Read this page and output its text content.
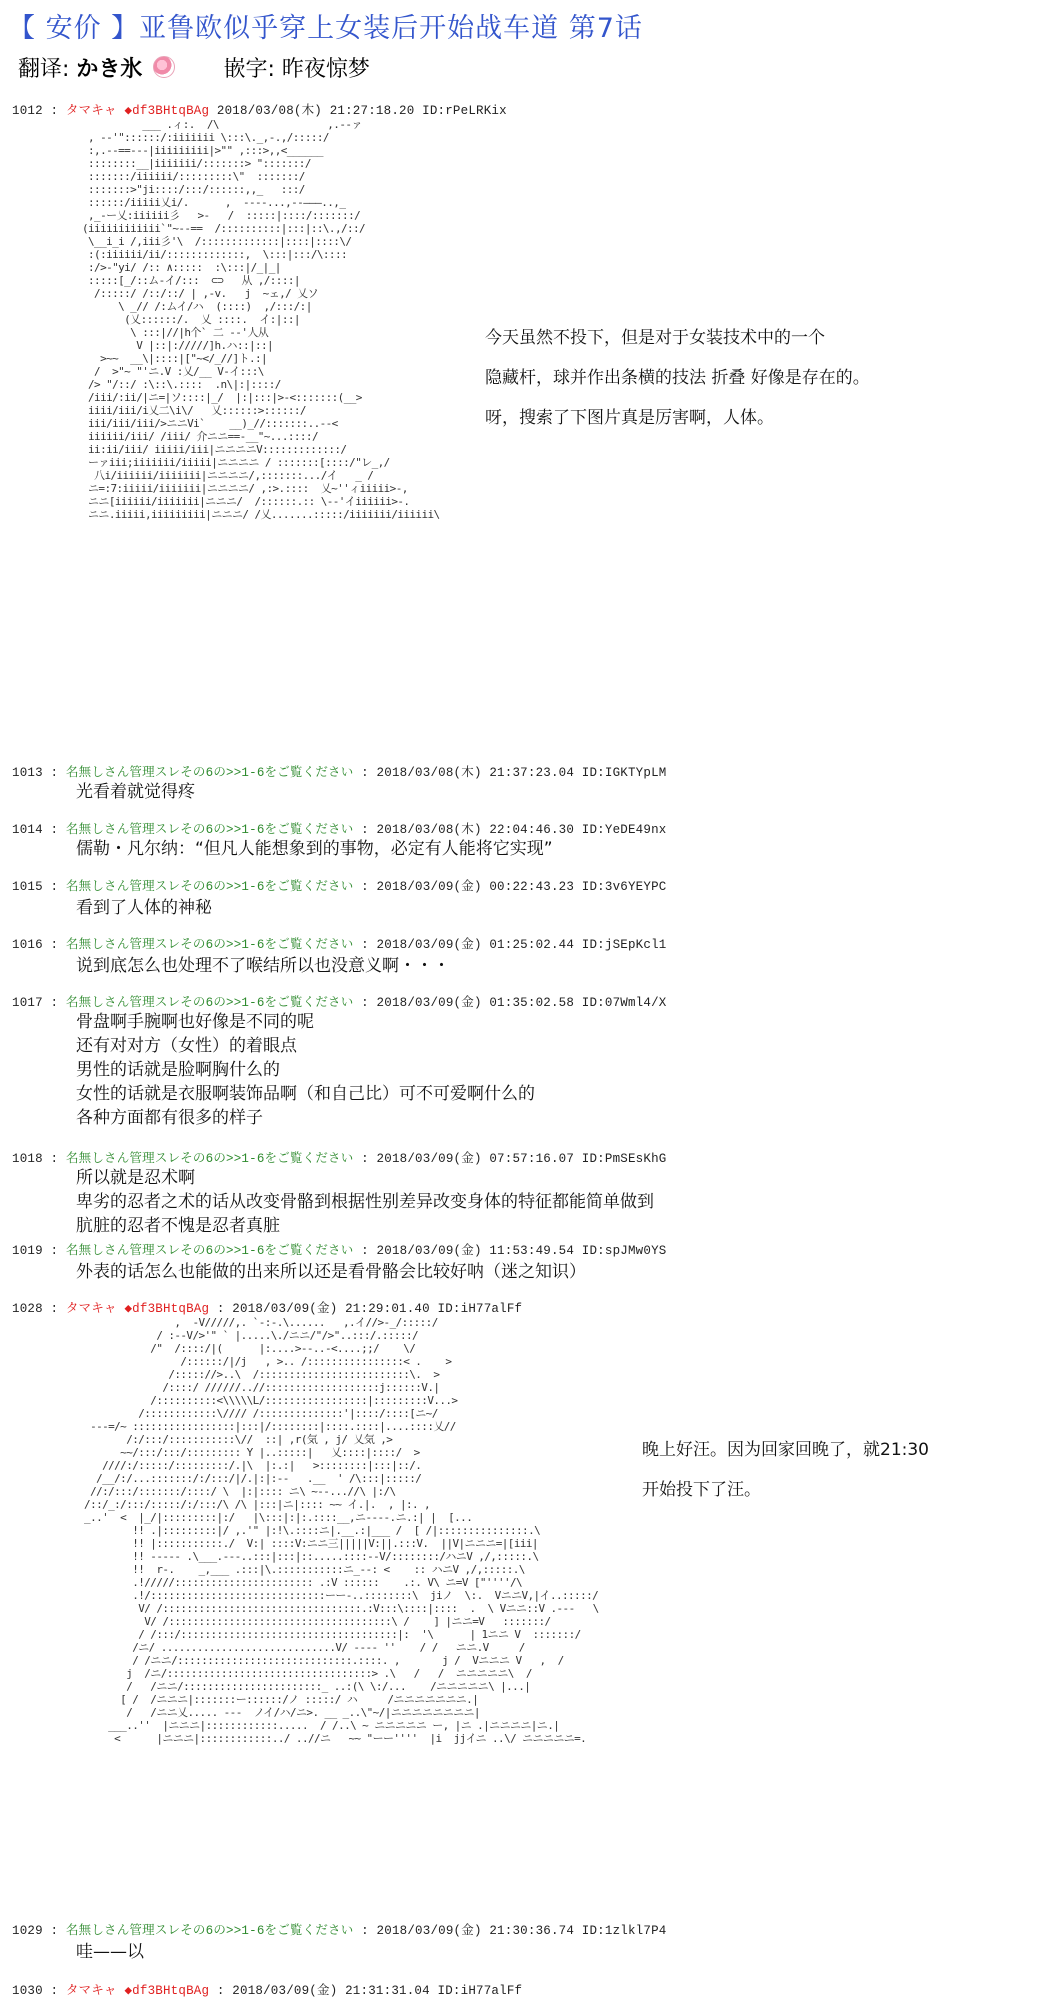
【 安价 】亚鲁欧似乎穿上女装后开始战车道 第7话
翻译: かき氷	嵌字: 昨夜惊梦
1012 : タマキャ ◆df3BHtqBAg 2018/03/08(木) 21:27:18.20 ID:rPeLRKix
___ .ィ:.  /\                  ,.--ァ
, -‐'"::::::/:iiiiiii \:::\._,-.,/:::::/
:,.-‐==-‐-|iiiiiiiii|>"" ,:::>,,<______
::::::::__|iiiiiii/:::::::> ":::::::/
:::::::/iiiiii/:::::::::\"  :::::::/
:::::::>"ji::::/:::/::::::,,_   :::/
::::::/iiiii乂i/.      ,  ----...,-‐―――..,_
,_-ー乂:iiiiii彡   >‐   /  :::::|::::/:::::::/
(iiiiiiiiiiii`"~‐-==  /::::::::::|:::|::\.,/::/
\__i_i /,iii彡'\  /:::::::::::::|::::|::::\/
:(:iiiiii/ii/:::::::::::::,  \:::|:::/\::::
:/>-"yi/ /:: ∧:::::  :\:::|/_|_|
:::::[_/::ム‐イ/:::  ⊂⊃   从 ,/::::|
/:::::/ /::/::/ | ,-v.   j  ~ェ,/ 乂ソ
\ _// /:ムイ/ハ  (::::)  ,/:::/:|
(乂::::::/.  乂 ::::.  イ:|::|
\ :::|//|h个` 二 -‐'人从
V |::|://///]h.ハ::|::|
>~~  __\|::::|["~</_//]ト.:|
/  >"~ "'ニ.V :乂/__ V-イ:::\
/> "/::/ :\::\.::::  .n\|:|::::/
/iii/:ii/|ニ=|ソ::::|_/  |:|:::|>-<:::::::(__>
iiii/iii/i乂二\i\/   乂::::::>::::::/
iii/iii/iii/>ニニVi`    __)_//:::::::..--<
iiiiii/iii/ /iii/ 介ニニ==-__"~...::::/
ii:ii/iii/ iiiii/iii|ニニニニV:::::::::::::/
ーァiii;iiiiiii/iiiii|ニニニニ / :::::::[::::/"レ_,/
八i/iiiiii/iiiiiii|ニニニニ/,:::::::.../イ   _ /
ニ=:7:iiiii/iiiiiii|ニニニニ/ ,:>.::::  乂~''ィiiiii>-,
ニニ[iiiiii/iiiiiii|ニニニ/  /::::::.:: \-‐'イiiiiii>-.
ニニ.iiiii,iiiiiiiii|ニニニ/ /乂.......:::::/iiiiiii/iiiiii\
今天虽然不投下，但是对于女装技术中的一个
隐藏杆，球并作出条横的技法 折叠 好像是存在的。
呀，搜索了下图片真是厉害啊，人体。
1013 : 名無しさん管理スレその6の>>1-6をご覧ください : 2018/03/08(木) 21:37:23.04 ID:IGKTYpLM
光看着就觉得疼
1014 : 名無しさん管理スレその6の>>1-6をご覧ください : 2018/03/08(木) 22:04:46.30 ID:YeDE49nx
儒勒・凡尔纳：“但凡人能想象到的事物，必定有人能将它实现”
1015 : 名無しさん管理スレその6の>>1-6をご覧ください : 2018/03/09(金) 00:22:43.23 ID:3v6YEYPC
看到了人体的神秘
1016 : 名無しさん管理スレその6の>>1-6をご覧ください : 2018/03/09(金) 01:25:02.44 ID:jSEpKcl1
说到底怎么也处理不了喉结所以也没意义啊・・・
1017 : 名無しさん管理スレその6の>>1-6をご覧ください : 2018/03/09(金) 01:35:02.58 ID:07Wml4/X
骨盘啊手腕啊也好像是不同的呢
还有对对方（女性）的着眼点
男性的话就是脸啊胸什么的
女性的话就是衣服啊装饰品啊（和自己比）可不可爱啊什么的
各种方面都有很多的样子
1018 : 名無しさん管理スレその6の>>1-6をご覧ください : 2018/03/09(金) 07:57:16.07 ID:PmSEsKhG
所以就是忍术啊
卑劣的忍者之术的话从改变骨骼到根据性别差异改变身体的特征都能简单做到
肮脏的忍者不愧是忍者真脏
1019 : 名無しさん管理スレその6の>>1-6をご覧ください : 2018/03/09(金) 11:53:49.54 ID:spJMw0YS
外表的话怎么也能做的出来所以还是看骨骼会比较好呐（迷之知识）
1028 : タマキャ ◆df3BHtqBAg : 2018/03/09(金) 21:29:01.40 ID:iH77alFf
,  -V/////,. `-:-.\......   ,.イ//>-_/:::::/
/ :-‐V/>'" ` |.....\./ニニ/"/>"..:::/.:::::/
/"  /::::/|(      |:....>‐-..-<....;;/    \/
/::::::/|/j   , >.. /::::::::::::::::< .    >
/::::://>..\  /:::::::::::::::::::::::::\.  >
/::::/ //////..//:::::::::::::::::::j::::::V.|
/::::::::::<\\\\\L/:::::::::::::::::|:::::::::V...>
/::::::::::::\//// /::::::::::::::'|::::/::::[ニ~/
---=/~ :::::::::::::::::|:::|/::::::::|::::.::::|....::::乂//
/:/:::/:::::::::::\//  ::| ,r(気 , j/ 乂気 ,>
~~/:::/:::/::::::::: Y |..:::::|   乂::::|::::/  >
////:/:::::/:::::::::/.|\  |:.:|   >::::::::|:::|::/.
/__/:/...:::::::/:/:::/|/.|:|:-‐   .__  ' /\:::|:::::/
//:/:::/:::::::/::::/ \  |:|:::: ニ\ ~‐‐...//\ |:/\
/::/_:/:::/:::::/:/:::/\ /\ |:::|ニ|:::: ~~ イ.|.  , |:. ,
_..'  <  |_/|:::::::::|:/   |\:::|:|:.::::__,ニ--‐‐.ニ.:| |  [...
!! .|:::::::::|/ ,.'" |:!\.::::ニ|.__.:|___ /  [ /|:::::::::::::::.\
!! |:::::::::::./  V:| ::::V:ニニ三|||||V:||.:::V.  ||V|ニニニ=|[iii|
!! ‐---- .\___.-‐‐..:::|:::|::.....::::-‐V/::::::::/ハニV ,/,:::::.\
!!  r‐.    _,___ .:::|\.:::::::::::ニ_-‐: <    :: ハニV ,/,:::::.\
.!/////::::::::::::::::::::::: .:V ::::::    .:. V\ ニ=V ["''''/\
.!/:::::::::::::::::::::::::::::ーー-..::::::::\  jiノ  \:.  VニニV,|イ..:::::/
V/ /:::::::::::::::::::::::::::::::::.:V:::\::::|::::  .  \ Vニニ::V .---   \
V/ /:::::::::::::::::::::::::::::::::::::\ /    ] |ニニ=V   :::::::/
/ /:::/::::::::::::::::::::::::::::::::::::|:  '\      | 1ニニ V  :::::::/
/ニ/ .............................V/ ---- ''    / /   ニニ.V     /
/ /ニニ/:::::::::::::::::::::::::::::.::::. ,       j /  Vニニニ V   ,  /
j  /ニ/::::::::::::::::::::::::::::::::::> .\   /   /  ニニニニニ\  /
/   /ニニ/:::::::::::::::::::::::_ ..:(\ \:/...    /ニニニニニ\ |...|
[ /  /ニニニ|:::::::ー::::::/ノ :::::/ ハ     /ニニニニニニニ.|
/   /ニニ乂..... ---  ノイ/ハ/ニ>. __ _..\"~/|ニニニニニニニニ|
___..''  |ニニニ|::::::::::::.....  / /..\ ~ ニニニニニ ー, |ニ .|ニニニニ|ニ.|
<      |ニニニ|::::::::::::../ ..//ニ   ~~ "ーー''''  |i  jjイニ ..\/ ニニニニニ=.
晚上好汪。因为回家回晚了，就21:30
开始投下了汪。
1029 : 名無しさん管理スレその6の>>1-6をご覧ください : 2018/03/09(金) 21:30:36.74 ID:1zlkl7P4
哇——以
1030 : タマキャ ◆df3BHtqBAg : 2018/03/09(金) 21:31:31.04 ID:iH77alFf
